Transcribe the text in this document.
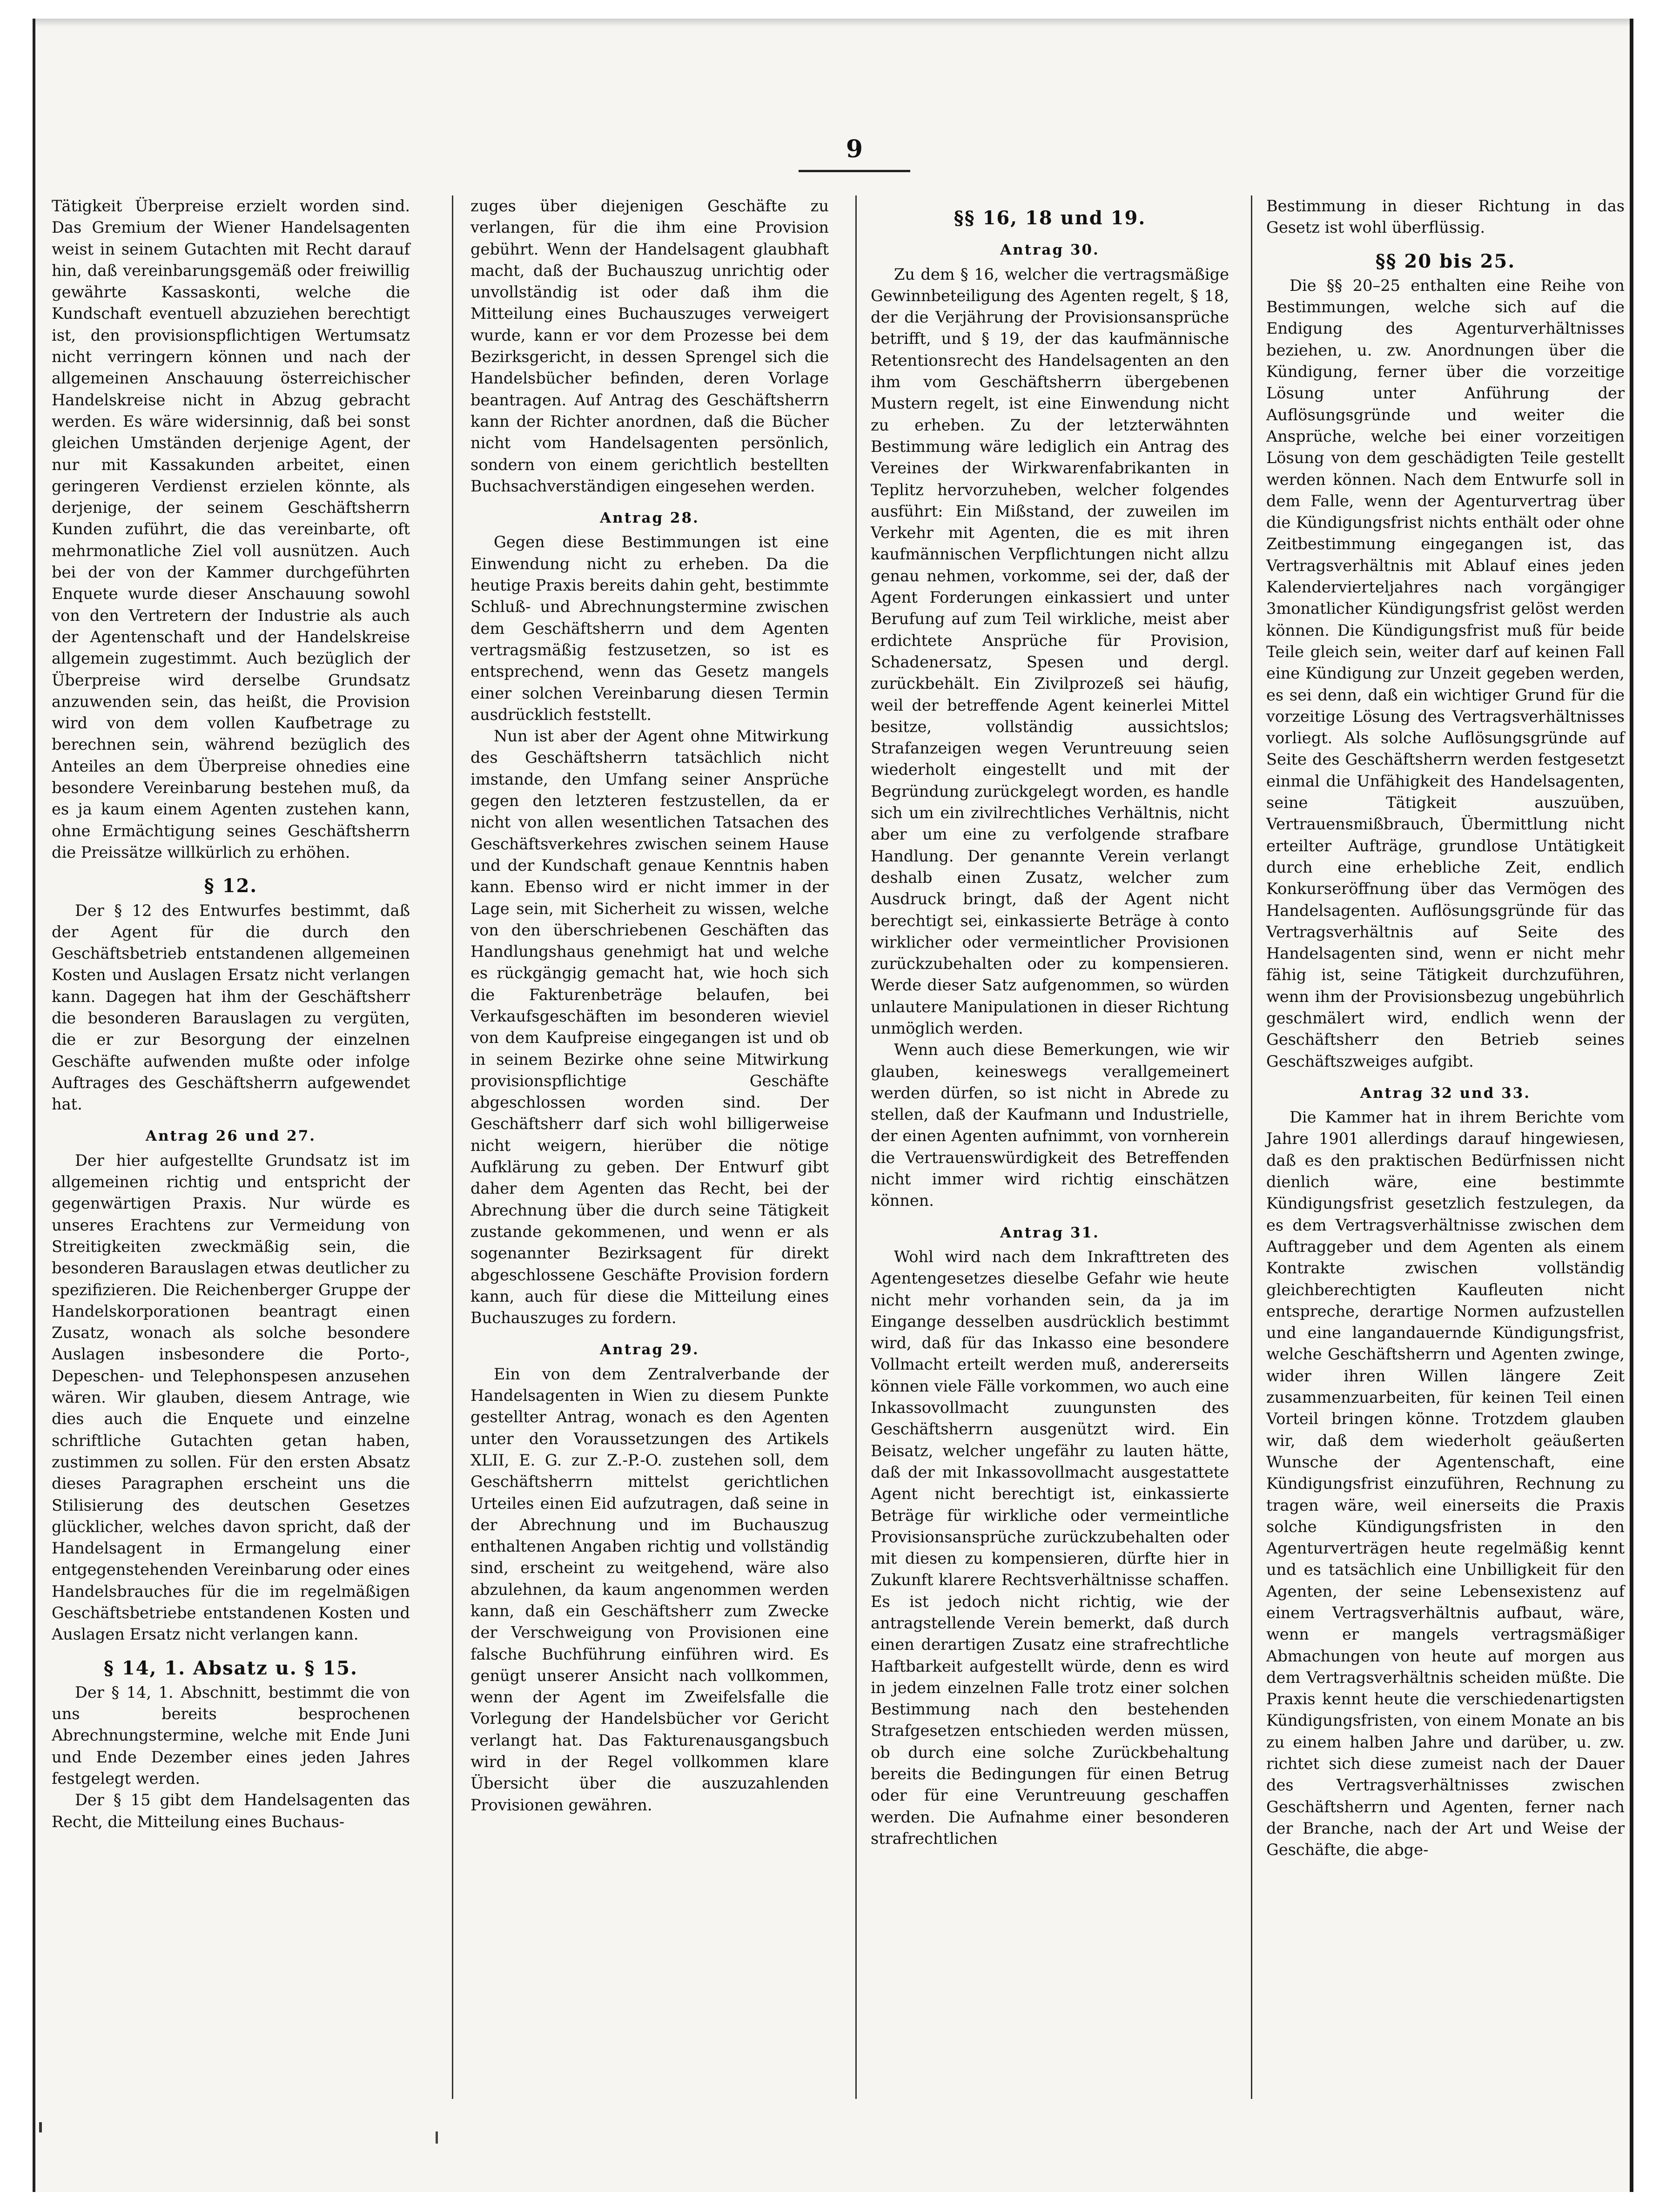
9

Tätigkeit Überpreise erzielt worden sind. Das Gremium der Wiener Handelsagenten weist in seinem Gutachten mit Recht darauf hin, daß vereinbarungsgemäß oder freiwillig gewährte Kassaskonti, welche die Kundschaft eventuell abzuziehen berechtigt ist, den provisionspflichtigen Wertumsatz nicht verringern können und nach der allgemeinen Anschauung österreichischer Handelskreise nicht in Abzug gebracht werden. Es wäre widersinnig, daß bei sonst gleichen Umständen derjenige Agent, der nur mit Kassakunden arbeitet, einen geringeren Verdienst erzielen könnte, als derjenige, der seinem Geschäftsherrn Kunden zuführt, die das vereinbarte, oft mehrmonatliche Ziel voll ausnützen. Auch bei der von der Kammer durchgeführten Enquete wurde dieser Anschauung sowohl von den Vertretern der Industrie als auch der Agentenschaft und der Handelskreise allgemein zugestimmt. Auch bezüglich der Überpreise wird derselbe Grundsatz anzuwenden sein, das heißt, die Provision wird von dem vollen Kaufbetrage zu berechnen sein, während bezüglich des Anteiles an dem Überpreise ohnedies eine besondere Vereinbarung bestehen muß, da es ja kaum einem Agenten zustehen kann, ohne Ermächtigung seines Geschäftsherrn die Preissätze willkürlich zu erhöhen.

§ 12.

Der § 12 des Entwurfes bestimmt, daß der Agent für die durch den Geschäftsbetrieb entstandenen allgemeinen Kosten und Auslagen Ersatz nicht verlangen kann. Dagegen hat ihm der Geschäftsherr die besonderen Barauslagen zu vergüten, die er zur Besorgung der einzelnen Geschäfte aufwenden mußte oder infolge Auftrages des Geschäftsherrn aufgewendet hat.

Antrag 26 und 27.

Der hier aufgestellte Grundsatz ist im allgemeinen richtig und entspricht der gegenwärtigen Praxis. Nur würde es unseres Erachtens zur Vermeidung von Streitigkeiten zweckmäßig sein, die besonderen Barauslagen etwas deutlicher zu spezifizieren. Die Reichenberger Gruppe der Handelskorporationen beantragt einen Zusatz, wonach als solche besondere Auslagen insbesondere die Porto-, Depeschen- und Telephonspesen anzusehen wären. Wir glauben, diesem Antrage, wie dies auch die Enquete und einzelne schriftliche Gutachten getan haben, zustimmen zu sollen. Für den ersten Absatz dieses Paragraphen erscheint uns die Stilisierung des deutschen Gesetzes glücklicher, welches davon spricht, daß der Handelsagent in Ermangelung einer entgegenstehenden Vereinbarung oder eines Handelsbrauches für die im regelmäßigen Geschäftsbetriebe entstandenen Kosten und Auslagen Ersatz nicht verlangen kann.

§ 14, 1. Absatz u. § 15.

Der § 14, 1. Abschnitt, bestimmt die von uns bereits besprochenen Abrechnungstermine, welche mit Ende Juni und Ende Dezember eines jeden Jahres festgelegt werden.

Der § 15 gibt dem Handelsagenten das Recht, die Mitteilung eines Buchaus-

zuges über diejenigen Geschäfte zu verlangen, für die ihm eine Provision gebührt. Wenn der Handelsagent glaubhaft macht, daß der Buchauszug unrichtig oder unvollständig ist oder daß ihm die Mitteilung eines Buchauszuges verweigert wurde, kann er vor dem Prozesse bei dem Bezirksgericht, in dessen Sprengel sich die Handelsbücher befinden, deren Vorlage beantragen. Auf Antrag des Geschäftsherrn kann der Richter anordnen, daß die Bücher nicht vom Handelsagenten persönlich, sondern von einem gerichtlich bestellten Buchsachverständigen eingesehen werden.

Antrag 28.

Gegen diese Bestimmungen ist eine Einwendung nicht zu erheben. Da die heutige Praxis bereits dahin geht, bestimmte Schluß- und Abrechnungstermine zwischen dem Geschäftsherrn und dem Agenten vertragsmäßig festzusetzen, so ist es entsprechend, wenn das Gesetz mangels einer solchen Vereinbarung diesen Termin ausdrücklich feststellt.

Nun ist aber der Agent ohne Mitwirkung des Geschäftsherrn tatsächlich nicht imstande, den Umfang seiner Ansprüche gegen den letzteren festzustellen, da er nicht von allen wesentlichen Tatsachen des Geschäftsverkehres zwischen seinem Hause und der Kundschaft genaue Kenntnis haben kann. Ebenso wird er nicht immer in der Lage sein, mit Sicherheit zu wissen, welche von den überschriebenen Geschäften das Handlungshaus genehmigt hat und welche es rückgängig gemacht hat, wie hoch sich die Fakturenbeträge belaufen, bei Verkaufsgeschäften im besonderen wieviel von dem Kaufpreise eingegangen ist und ob in seinem Bezirke ohne seine Mitwirkung provisionspflichtige Geschäfte abgeschlossen worden sind. Der Geschäftsherr darf sich wohl billigerweise nicht weigern, hierüber die nötige Aufklärung zu geben. Der Entwurf gibt daher dem Agenten das Recht, bei der Abrechnung über die durch seine Tätigkeit zustande gekommenen, und wenn er als sogenannter Bezirksagent für direkt abgeschlossene Geschäfte Provision fordern kann, auch für diese die Mitteilung eines Buchauszuges zu fordern.

Antrag 29.

Ein von dem Zentralverbande der Handelsagenten in Wien zu diesem Punkte gestellter Antrag, wonach es den Agenten unter den Voraussetzungen des Artikels XLII, E. G. zur Z.-P.-O. zustehen soll, dem Geschäftsherrn mittelst gerichtlichen Urteiles einen Eid aufzutragen, daß seine in der Abrechnung und im Buchauszug enthaltenen Angaben richtig und vollständig sind, erscheint zu weitgehend, wäre also abzulehnen, da kaum angenommen werden kann, daß ein Geschäftsherr zum Zwecke der Verschweigung von Provisionen eine falsche Buchführung einführen wird. Es genügt unserer Ansicht nach vollkommen, wenn der Agent im Zweifelsfalle die Vorlegung der Handelsbücher vor Gericht verlangt hat. Das Fakturenausgangsbuch wird in der Regel vollkommen klare Übersicht über die auszuzahlenden Provisionen gewähren.

§§ 16, 18 und 19.
Antrag 30.

Zu dem § 16, welcher die vertragsmäßige Gewinnbeteiligung des Agenten regelt, § 18, der die Verjährung der Provisionsansprüche betrifft, und § 19, der das kaufmännische Retentionsrecht des Handelsagenten an den ihm vom Geschäftsherrn übergebenen Mustern regelt, ist eine Einwendung nicht zu erheben. Zu der letzterwähnten Bestimmung wäre lediglich ein Antrag des Vereines der Wirkwarenfabrikanten in Teplitz hervorzuheben, welcher folgendes ausführt: Ein Mißstand, der zuweilen im Verkehr mit Agenten, die es mit ihren kaufmännischen Verpflichtungen nicht allzu genau nehmen, vorkomme, sei der, daß der Agent Forderungen einkassiert und unter Berufung auf zum Teil wirkliche, meist aber erdichtete Ansprüche für Provision, Schadenersatz, Spesen und dergl. zurückbehält. Ein Zivilprozeß sei häufig, weil der betreffende Agent keinerlei Mittel besitze, vollständig aussichtslos; Strafanzeigen wegen Veruntreuung seien wiederholt eingestellt und mit der Begründung zurückgelegt worden, es handle sich um ein zivilrechtliches Verhältnis, nicht aber um eine zu verfolgende strafbare Handlung. Der genannte Verein verlangt deshalb einen Zusatz, welcher zum Ausdruck bringt, daß der Agent nicht berechtigt sei, einkassierte Beträge à conto wirklicher oder vermeintlicher Provisionen zurückzubehalten oder zu kompensieren. Werde dieser Satz aufgenommen, so würden unlautere Manipulationen in dieser Richtung unmöglich werden.

Wenn auch diese Bemerkungen, wie wir glauben, keineswegs verallgemeinert werden dürfen, so ist nicht in Abrede zu stellen, daß der Kaufmann und Industrielle, der einen Agenten aufnimmt, von vornherein die Vertrauenswürdigkeit des Betreffenden nicht immer wird richtig einschätzen können.

Antrag 31.

Wohl wird nach dem Inkrafttreten des Agentengesetzes dieselbe Gefahr wie heute nicht mehr vorhanden sein, da ja im Eingange desselben ausdrücklich bestimmt wird, daß für das Inkasso eine besondere Vollmacht erteilt werden muß, andererseits können viele Fälle vorkommen, wo auch eine Inkassovollmacht zuungunsten des Geschäftsherrn ausgenützt wird. Ein Beisatz, welcher ungefähr zu lauten hätte, daß der mit Inkassovollmacht ausgestattete Agent nicht berechtigt ist, einkassierte Beträge für wirkliche oder vermeintliche Provisionsansprüche zurückzubehalten oder mit diesen zu kompensieren, dürfte hier in Zukunft klarere Rechtsverhältnisse schaffen. Es ist jedoch nicht richtig, wie der antragstellende Verein bemerkt, daß durch einen derartigen Zusatz eine strafrechtliche Haftbarkeit aufgestellt würde, denn es wird in jedem einzelnen Falle trotz einer solchen Bestimmung nach den bestehenden Strafgesetzen entschieden werden müssen, ob durch eine solche Zurückbehaltung bereits die Bedingungen für einen Betrug oder für eine Veruntreuung geschaffen werden. Die Aufnahme einer besonderen strafrechtlichen

Bestimmung in dieser Richtung in das Gesetz ist wohl überflüssig.

§§ 20 bis 25.

Die §§ 20–25 enthalten eine Reihe von Bestimmungen, welche sich auf die Endigung des Agenturverhältnisses beziehen, u. zw. Anordnungen über die Kündigung, ferner über die vorzeitige Lösung unter Anführung der Auflösungsgründe und weiter die Ansprüche, welche bei einer vorzeitigen Lösung von dem geschädigten Teile gestellt werden können. Nach dem Entwurfe soll in dem Falle, wenn der Agenturvertrag über die Kündigungsfrist nichts enthält oder ohne Zeitbestimmung eingegangen ist, das Vertragsverhältnis mit Ablauf eines jeden Kalendervierteljahres nach vorgängiger 3monatlicher Kündigungsfrist gelöst werden können. Die Kündigungsfrist muß für beide Teile gleich sein, weiter darf auf keinen Fall eine Kündigung zur Unzeit gegeben werden, es sei denn, daß ein wichtiger Grund für die vorzeitige Lösung des Vertragsverhältnisses vorliegt. Als solche Auflösungsgründe auf Seite des Geschäftsherrn werden festgesetzt einmal die Unfähigkeit des Handelsagenten, seine Tätigkeit auszuüben, Vertrauensmißbrauch, Übermittlung nicht erteilter Aufträge, grundlose Untätigkeit durch eine erhebliche Zeit, endlich Konkurseröffnung über das Vermögen des Handelsagenten. Auflösungsgründe für das Vertragsverhältnis auf Seite des Handelsagenten sind, wenn er nicht mehr fähig ist, seine Tätigkeit durchzuführen, wenn ihm der Provisionsbezug ungebührlich geschmälert wird, endlich wenn der Geschäftsherr den Betrieb seines Geschäftszweiges aufgibt.

Antrag 32 und 33.

Die Kammer hat in ihrem Berichte vom Jahre 1901 allerdings darauf hingewiesen, daß es den praktischen Bedürfnissen nicht dienlich wäre, eine bestimmte Kündigungsfrist gesetzlich festzulegen, da es dem Vertragsverhältnisse zwischen dem Auftraggeber und dem Agenten als einem Kontrakte zwischen vollständig gleichberechtigten Kaufleuten nicht entspreche, derartige Normen aufzustellen und eine langandauernde Kündigungsfrist, welche Geschäftsherrn und Agenten zwinge, wider ihren Willen längere Zeit zusammenzuarbeiten, für keinen Teil einen Vorteil bringen könne. Trotzdem glauben wir, daß dem wiederholt geäußerten Wunsche der Agentenschaft, eine Kündigungsfrist einzuführen, Rechnung zu tragen wäre, weil einerseits die Praxis solche Kündigungsfristen in den Agenturverträgen heute regelmäßig kennt und es tatsächlich eine Unbilligkeit für den Agenten, der seine Lebensexistenz auf einem Vertragsverhältnis aufbaut, wäre, wenn er mangels vertragsmäßiger Abmachungen von heute auf morgen aus dem Vertragsverhältnis scheiden müßte. Die Praxis kennt heute die verschiedenartigsten Kündigungsfristen, von einem Monate an bis zu einem halben Jahre und darüber, u. zw. richtet sich diese zumeist nach der Dauer des Vertragsverhältnisses zwischen Geschäftsherrn und Agenten, ferner nach der Branche, nach der Art und Weise der Geschäfte, die abge-
